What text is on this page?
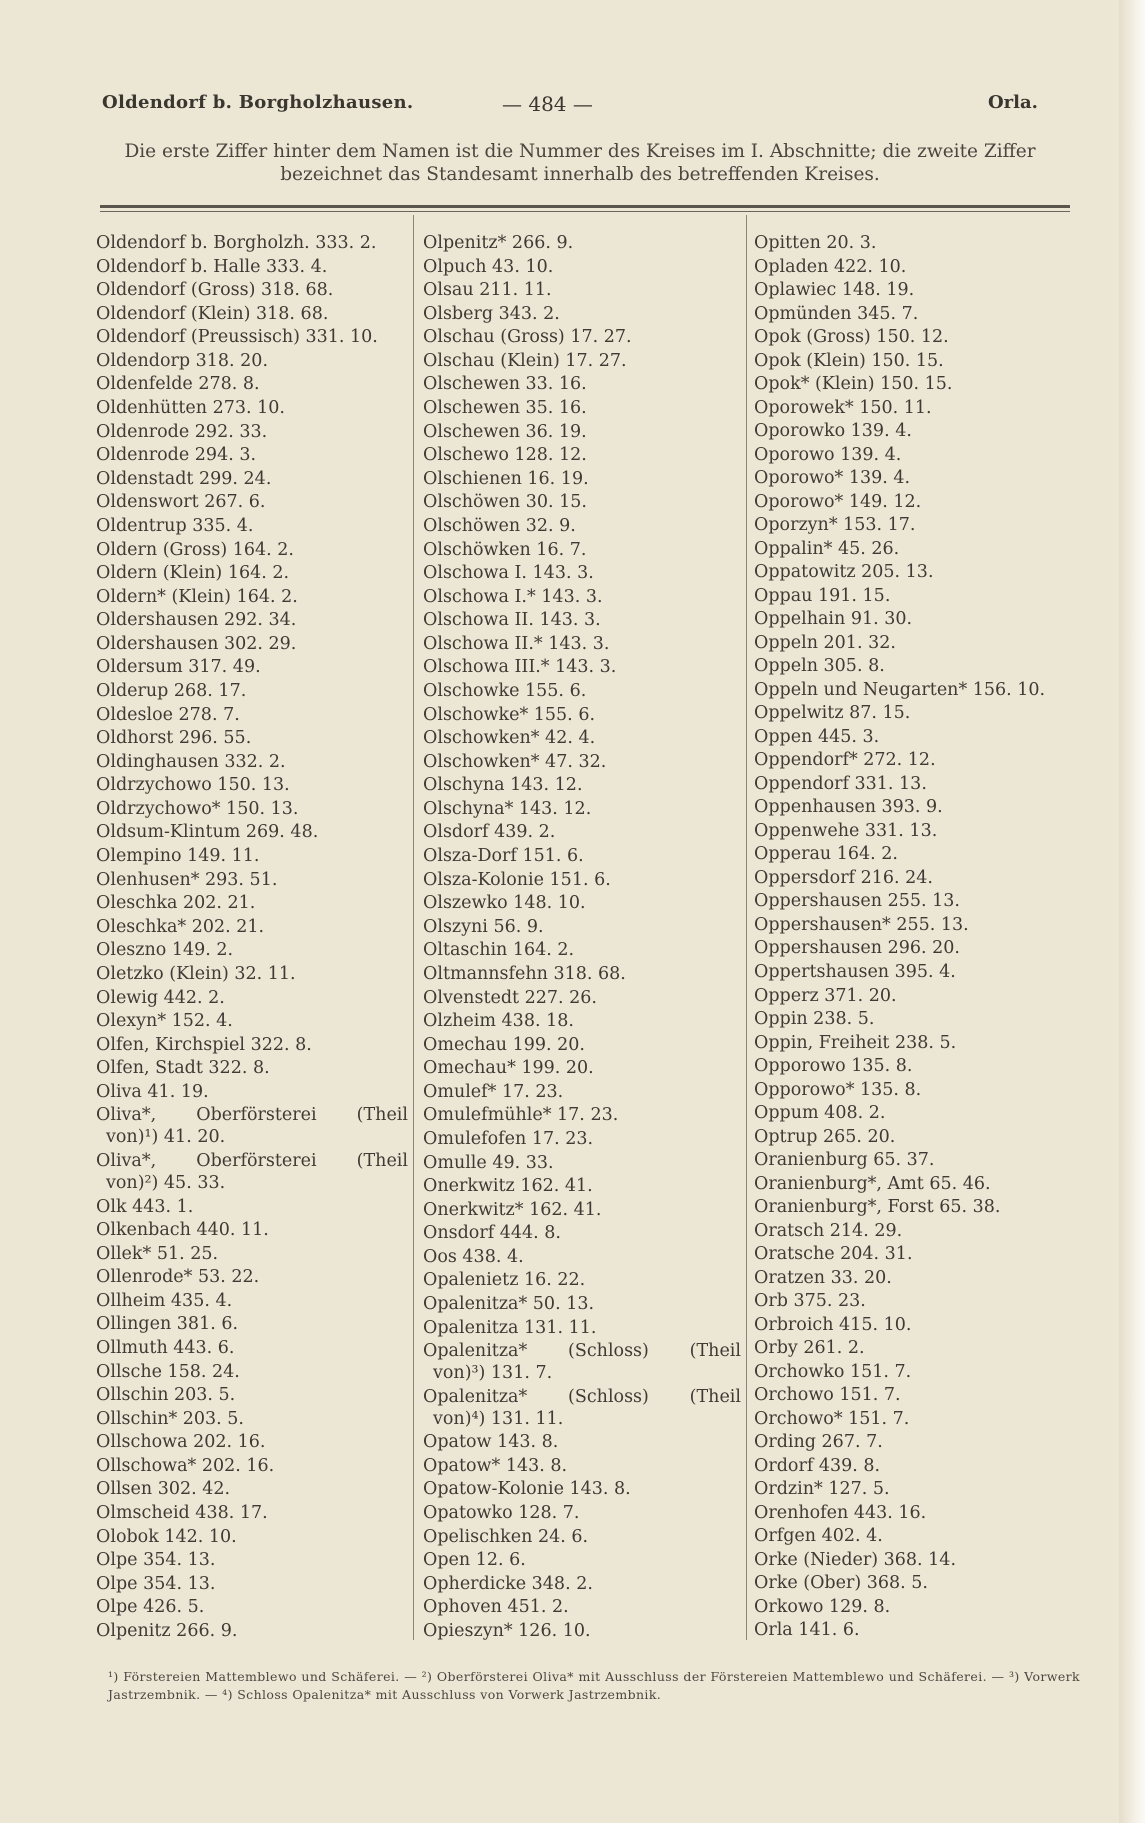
Oldendorf b. Borgholzhausen.	— 484 —	Orla.
Die erste Ziffer hinter dem Namen ist die Nummer des Kreises im I. Abschnitte; die zweite Ziffer bezeichnet das Standesamt innerhalb des betreffenden Kreises.
Oldendorf b. Borgholzh. 333. 2.
Oldendorf b. Halle 333. 4.
Oldendorf (Gross) 318. 68.
Oldendorf (Klein) 318. 68.
Oldendorf (Preussisch) 331. 10.
Oldendorp 318. 20.
Oldenfelde 278. 8.
Oldenhütten 273. 10.
Oldenrode 292. 33.
Oldenrode 294. 3.
Oldenstadt 299. 24.
Oldenswort 267. 6.
Oldentrup 335. 4.
Oldern (Gross) 164. 2.
Oldern (Klein) 164. 2.
Oldern* (Klein) 164. 2.
Oldershausen 292. 34.
Oldershausen 302. 29.
Oldersum 317. 49.
Olderup 268. 17.
Oldesloe 278. 7.
Oldhorst 296. 55.
Oldinghausen 332. 2.
Oldrzychowo 150. 13.
Oldrzychowo* 150. 13.
Oldsum-Klintum 269. 48.
Olempino 149. 11.
Olenhusen* 293. 51.
Oleschka 202. 21.
Oleschka* 202. 21.
Oleszno 149. 2.
Oletzko (Klein) 32. 11.
Olewig 442. 2.
Olexyn* 152. 4.
Olfen, Kirchspiel 322. 8.
Olfen, Stadt 322. 8.
Oliva 41. 19.
Oliva*, Oberförsterei (Theil
von)¹) 41. 20.
Oliva*, Oberförsterei (Theil
von)²) 45. 33.
Olk 443. 1.
Olkenbach 440. 11.
Ollek* 51. 25.
Ollenrode* 53. 22.
Ollheim 435. 4.
Ollingen 381. 6.
Ollmuth 443. 6.
Ollsche 158. 24.
Ollschin 203. 5.
Ollschin* 203. 5.
Ollschowa 202. 16.
Ollschowa* 202. 16.
Ollsen 302. 42.
Olmscheid 438. 17.
Olobok 142. 10.
Olpe 354. 13.
Olpe 354. 13.
Olpe 426. 5.
Olpenitz 266. 9.
Olpenitz* 266. 9.
Olpuch 43. 10.
Olsau 211. 11.
Olsberg 343. 2.
Olschau (Gross) 17. 27.
Olschau (Klein) 17. 27.
Olschewen 33. 16.
Olschewen 35. 16.
Olschewen 36. 19.
Olschewo 128. 12.
Olschienen 16. 19.
Olschöwen 30. 15.
Olschöwen 32. 9.
Olschöwken 16. 7.
Olschowa I. 143. 3.
Olschowa I.* 143. 3.
Olschowa II. 143. 3.
Olschowa II.* 143. 3.
Olschowa III.* 143. 3.
Olschowke 155. 6.
Olschowke* 155. 6.
Olschowken* 42. 4.
Olschowken* 47. 32.
Olschyna 143. 12.
Olschyna* 143. 12.
Olsdorf 439. 2.
Olsza-Dorf 151. 6.
Olsza-Kolonie 151. 6.
Olszewko 148. 10.
Olszyni 56. 9.
Oltaschin 164. 2.
Oltmannsfehn 318. 68.
Olvenstedt 227. 26.
Olzheim 438. 18.
Omechau 199. 20.
Omechau* 199. 20.
Omulef* 17. 23.
Omulefmühle* 17. 23.
Omulefofen 17. 23.
Omulle 49. 33.
Onerkwitz 162. 41.
Onerkwitz* 162. 41.
Onsdorf 444. 8.
Oos 438. 4.
Opalenietz 16. 22.
Opalenitza* 50. 13.
Opalenitza 131. 11.
Opalenitza* (Schloss) (Theil
von)³) 131. 7.
Opalenitza* (Schloss) (Theil
von)⁴) 131. 11.
Opatow 143. 8.
Opatow* 143. 8.
Opatow-Kolonie 143. 8.
Opatowko 128. 7.
Opelischken 24. 6.
Open 12. 6.
Opherdicke 348. 2.
Ophoven 451. 2.
Opieszyn* 126. 10.
Opitten 20. 3.
Opladen 422. 10.
Oplawiec 148. 19.
Opmünden 345. 7.
Opok (Gross) 150. 12.
Opok (Klein) 150. 15.
Opok* (Klein) 150. 15.
Oporowek* 150. 11.
Oporowko 139. 4.
Oporowo 139. 4.
Oporowo* 139. 4.
Oporowo* 149. 12.
Oporzyn* 153. 17.
Oppalin* 45. 26.
Oppatowitz 205. 13.
Oppau 191. 15.
Oppelhain 91. 30.
Oppeln 201. 32.
Oppeln 305. 8.
Oppeln und Neugarten* 156. 10.
Oppelwitz 87. 15.
Oppen 445. 3.
Oppendorf* 272. 12.
Oppendorf 331. 13.
Oppenhausen 393. 9.
Oppenwehe 331. 13.
Opperau 164. 2.
Oppersdorf 216. 24.
Oppershausen 255. 13.
Oppershausen* 255. 13.
Oppershausen 296. 20.
Oppertshausen 395. 4.
Opperz 371. 20.
Oppin 238. 5.
Oppin, Freiheit 238. 5.
Opporowo 135. 8.
Opporowo* 135. 8.
Oppum 408. 2.
Optrup 265. 20.
Oranienburg 65. 37.
Oranienburg*, Amt 65. 46.
Oranienburg*, Forst 65. 38.
Oratsch 214. 29.
Oratsche 204. 31.
Oratzen 33. 20.
Orb 375. 23.
Orbroich 415. 10.
Orby 261. 2.
Orchowko 151. 7.
Orchowo 151. 7.
Orchowo* 151. 7.
Ording 267. 7.
Ordorf 439. 8.
Ordzin* 127. 5.
Orenhofen 443. 16.
Orfgen 402. 4.
Orke (Nieder) 368. 14.
Orke (Ober) 368. 5.
Orkowo 129. 8.
Orla 141. 6.
¹) Förstereien Mattemblewo und Schäferei. — ²) Oberförsterei Oliva* mit Ausschluss der Förstereien Mattemblewo und Schäferei. — ³) Vorwerk Jastrzembnik. — ⁴) Schloss Opalenitza* mit Ausschluss von Vorwerk Jastrzembnik.
